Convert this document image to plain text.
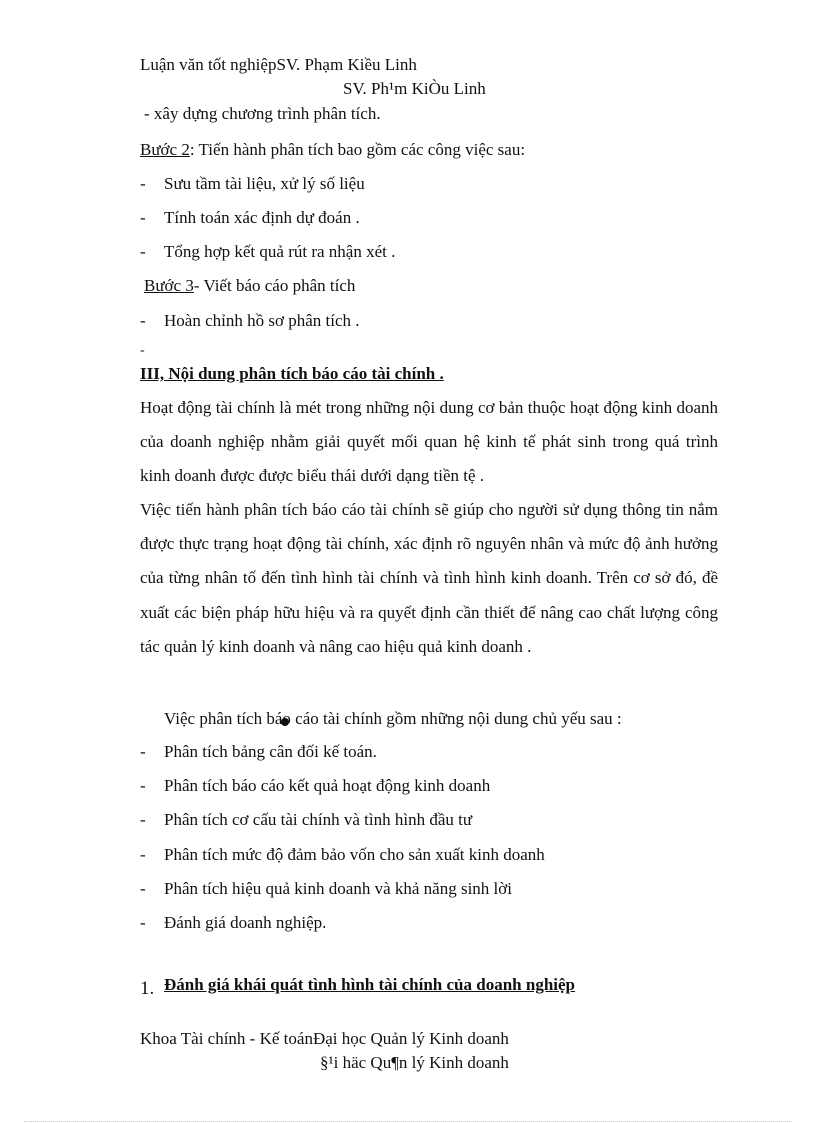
Luận văn tốt nghiệpSV. Phạm Kiều Linh
SV. Ph¹m KiÒu Linh
- xây dựng chương trình phân tích.
Bước 2: Tiến hành phân tích bao gồm các công việc sau:
- Sưu tầm tài liệu, xử lý số liệu
- Tính toán xác định dự đoán .
- Tổng hợp kết quả rút ra nhận xét .
Bước 3- Viết báo cáo phân tích
- Hoàn chỉnh hồ sơ phân tích .
-
III, Nội dung phân tích báo cáo tài chính .
Hoạt động tài chính là mét trong những nội dung cơ bản thuộc hoạt động kinh doanh của doanh nghiệp nhằm giải quyết mối quan hệ kinh tế phát sinh trong quá trình kinh doanh được được biểu thái dưới dạng tiền tệ .
Việc tiến hành phân tích báo cáo tài chính sẽ giúp cho người sử dụng thông tin nắm được thực trạng hoạt động tài chính, xác định rõ nguyên nhân và mức độ ảnh hưởng của từng nhân tố đến tình hình tài chính và tình hình kinh doanh. Trên cơ sở đó, đề xuất các biện pháp hữu hiệu và ra quyết định cần thiết để nâng cao chất lượng công tác quản lý kinh doanh và nâng cao hiệu quả kinh doanh .
Việc phân tích báo cáo tài chính gồm những nội dung chủ yếu sau :
- Phân tích bảng cân đối kế toán.
- Phân tích báo cáo kết quả hoạt động kinh doanh
- Phân tích cơ cấu tài chính và tình hình đầu tư
- Phân tích mức độ đảm bảo vốn cho sản xuất kinh doanh
- Phân tích hiệu quả kinh doanh và khả năng sinh lời
- Đánh giá doanh nghiệp.
1. Đánh giá khái quát tình hình tài chính của doanh nghiệp
Khoa Tài chính - Kế toánĐại học Quản lý Kinh doanh
§¹i häc Qu¶n lý Kinh doanh
